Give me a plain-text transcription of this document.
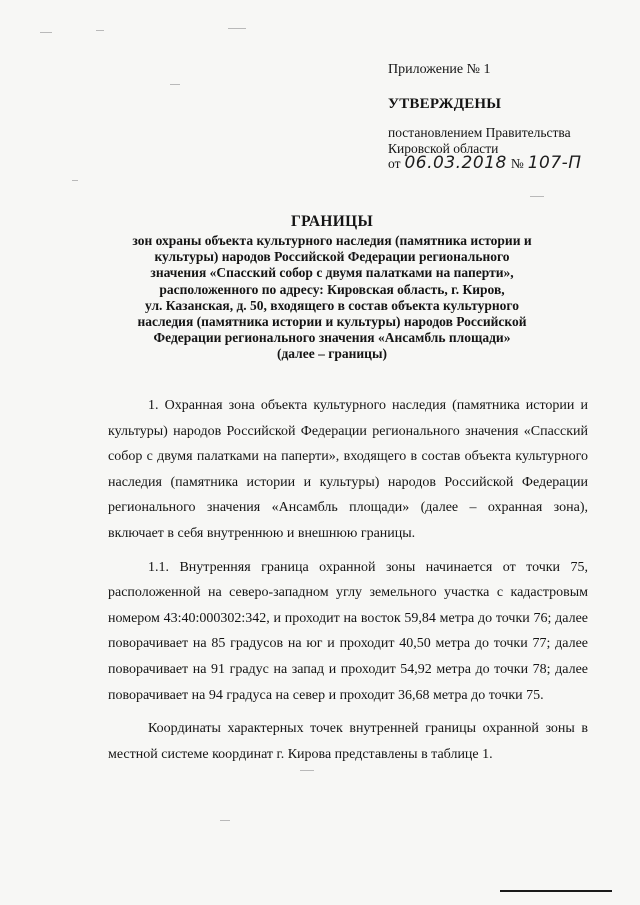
Приложение № 1

УТВЕРЖДЕНЫ

постановлением Правительства
Кировской области
от 06.03.2018 № 107-П

ГРАНИЦЫ

зон охраны объекта культурного наследия (памятника истории и

культуры) народов Российской Федерации регионального

значения «Спасский собор с двумя палатками на паперти»,

расположенного по адресу: Кировская область, г. Киров,

ул. Казанская, д. 50, входящего в состав объекта культурного

наследия (памятника истории и культуры) народов Российской

Федерации регионального значения «Ансамбль площади»

(далее – границы)

1. Охранная зона объекта культурного наследия (памятника истории и культуры) народов Российской Федерации регионального значения «Спасский собор с двумя палатками на паперти», входящего в состав объекта культурного наследия (памятника истории и культуры) народов Российской Федерации регионального значения «Ансамбль площади» (далее – охранная зона), включает в себя внутреннюю и внешнюю границы.

1.1. Внутренняя граница охранной зоны начинается от точки 75, расположенной на северо-западном углу земельного участка с кадастровым номером 43:40:000302:342, и проходит на восток 59,84 метра до точки 76; далее поворачивает на 85 градусов на юг и проходит 40,50 метра до точки 77; далее поворачивает на 91 градус на запад и проходит 54,92 метра до точки 78; далее поворачивает на 94 градуса на север и проходит 36,68 метра до точки 75.

Координаты характерных точек внутренней границы охранной зоны в местной системе координат г. Кирова представлены в таблице 1.
